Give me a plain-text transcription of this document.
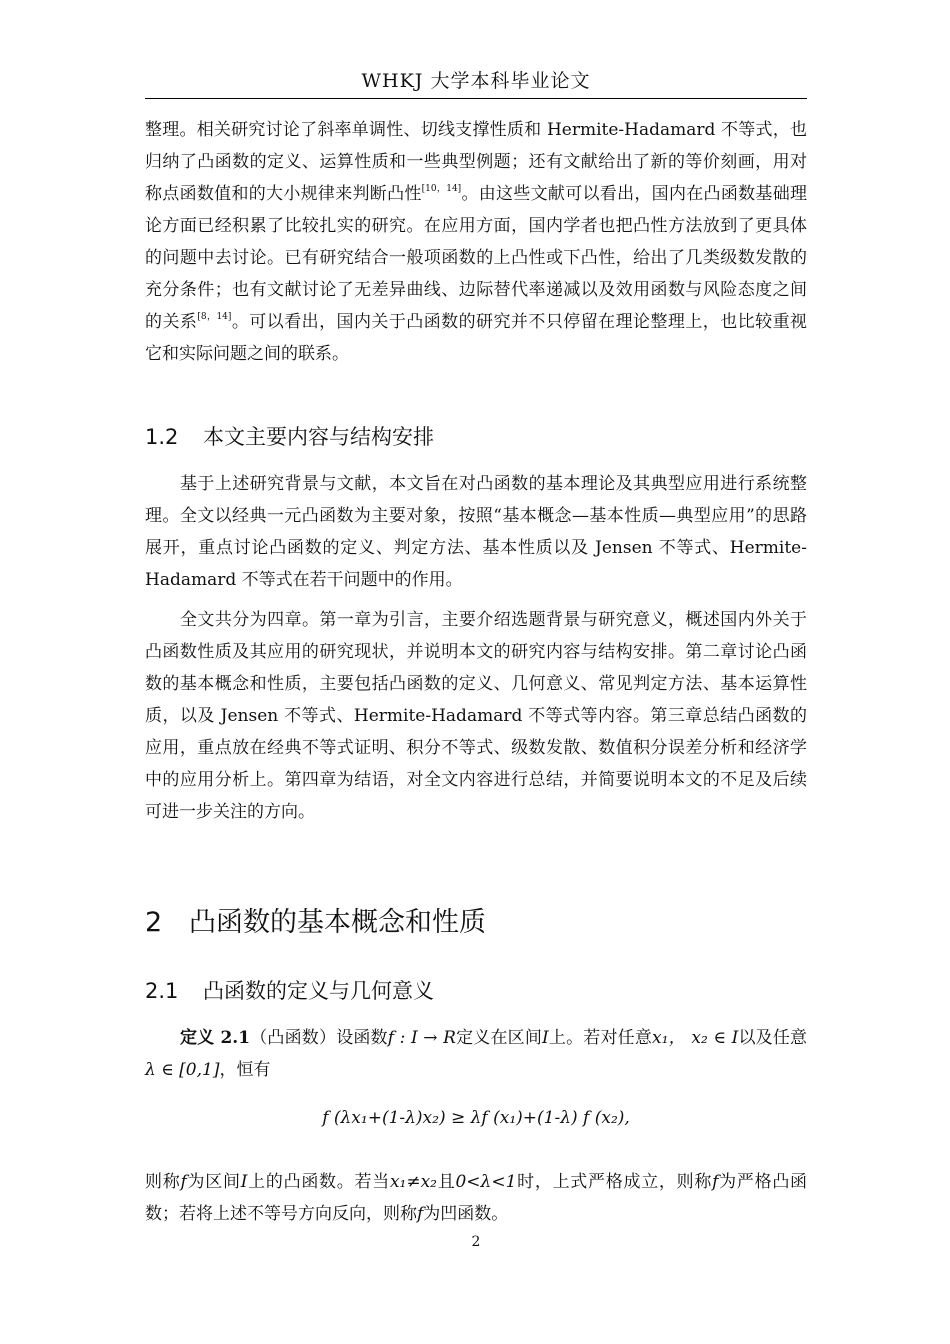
WHKJ 大学本科毕业论文

整理。相关研究讨论了斜率单调性、切线支撑性质和 Hermite-Hadamard 不等式，也归纳了凸函数的定义、运算性质和一些典型例题；还有文献给出了新的等价刻画，用对称点函数值和的大小规律来判断凸性[10，14]。由这些文献可以看出，国内在凸函数基础理论方面已经积累了比较扎实的研究。在应用方面，国内学者也把凸性方法放到了更具体的问题中去讨论。已有研究结合一般项函数的上凸性或下凸性，给出了几类级数发散的充分条件；也有文献讨论了无差异曲线、边际替代率递减以及效用函数与风险态度之间的关系[8，14]。可以看出，国内关于凸函数的研究并不只停留在理论整理上，也比较重视它和实际问题之间的联系。

1.2 本文主要内容与结构安排

基于上述研究背景与文献，本文旨在对凸函数的基本理论及其典型应用进行系统整理。全文以经典一元凸函数为主要对象，按照“基本概念—基本性质—典型应用”的思路展开，重点讨论凸函数的定义、判定方法、基本性质以及 Jensen 不等式、Hermite-Hadamard 不等式在若干问题中的作用。

全文共分为四章。第一章为引言，主要介绍选题背景与研究意义，概述国内外关于凸函数性质及其应用的研究现状，并说明本文的研究内容与结构安排。第二章讨论凸函数的基本概念和性质，主要包括凸函数的定义、几何意义、常见判定方法、基本运算性质，以及 Jensen 不等式、Hermite-Hadamard 不等式等内容。第三章总结凸函数的应用，重点放在经典不等式证明、积分不等式、级数发散、数值积分误差分析和经济学中的应用分析上。第四章为结语，对全文内容进行总结，并简要说明本文的不足及后续可进一步关注的方向。

2 凸函数的基本概念和性质
2.1 凸函数的定义与几何意义

定义 2.1（凸函数）设函数f : I → R定义在区间I上。若对任意x₁， x₂ ∈ I以及任意λ ∈ [0,1]，恒有

f (λx₁+(1-λ)x₂) ≥ λf (x₁)+(1-λ) f (x₂),

则称f为区间I上的凸函数。若当x₁≠x₂且0<λ<1时，上式严格成立，则称f为严格凸函数；若将上述不等号方向反向，则称f为凹函数。

2
